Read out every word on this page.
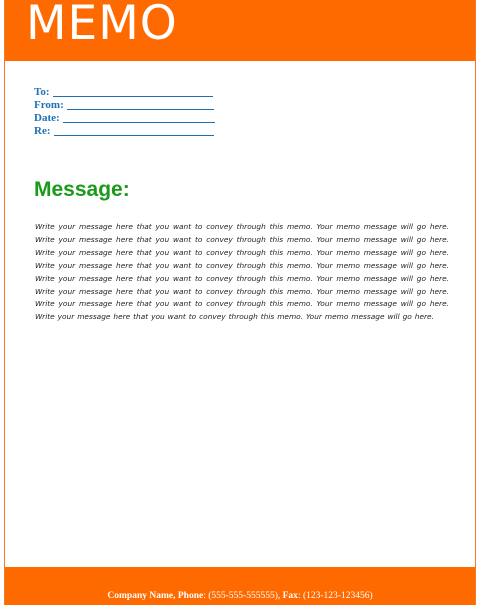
MEMO
To:
From:
Date:
Re:
Message:
Write your message here that you want to convey through this memo. Your memo message will go here. Write your message here that you want to convey through this memo. Your memo message will go here. Write your message here that you want to convey through this memo. Your memo message will go here. Write your message here that you want to convey through this memo. Your memo message will go here. Write your message here that you want to convey through this memo. Your memo message will go here. Write your message here that you want to convey through this memo. Your memo message will go here. Write your message here that you want to convey through this memo. Your memo message will go here. Write your message here that you want to convey through this memo. Your memo message will go here.
Company Name, Phone: (555-555-555555), Fax: (123-123-123456)
